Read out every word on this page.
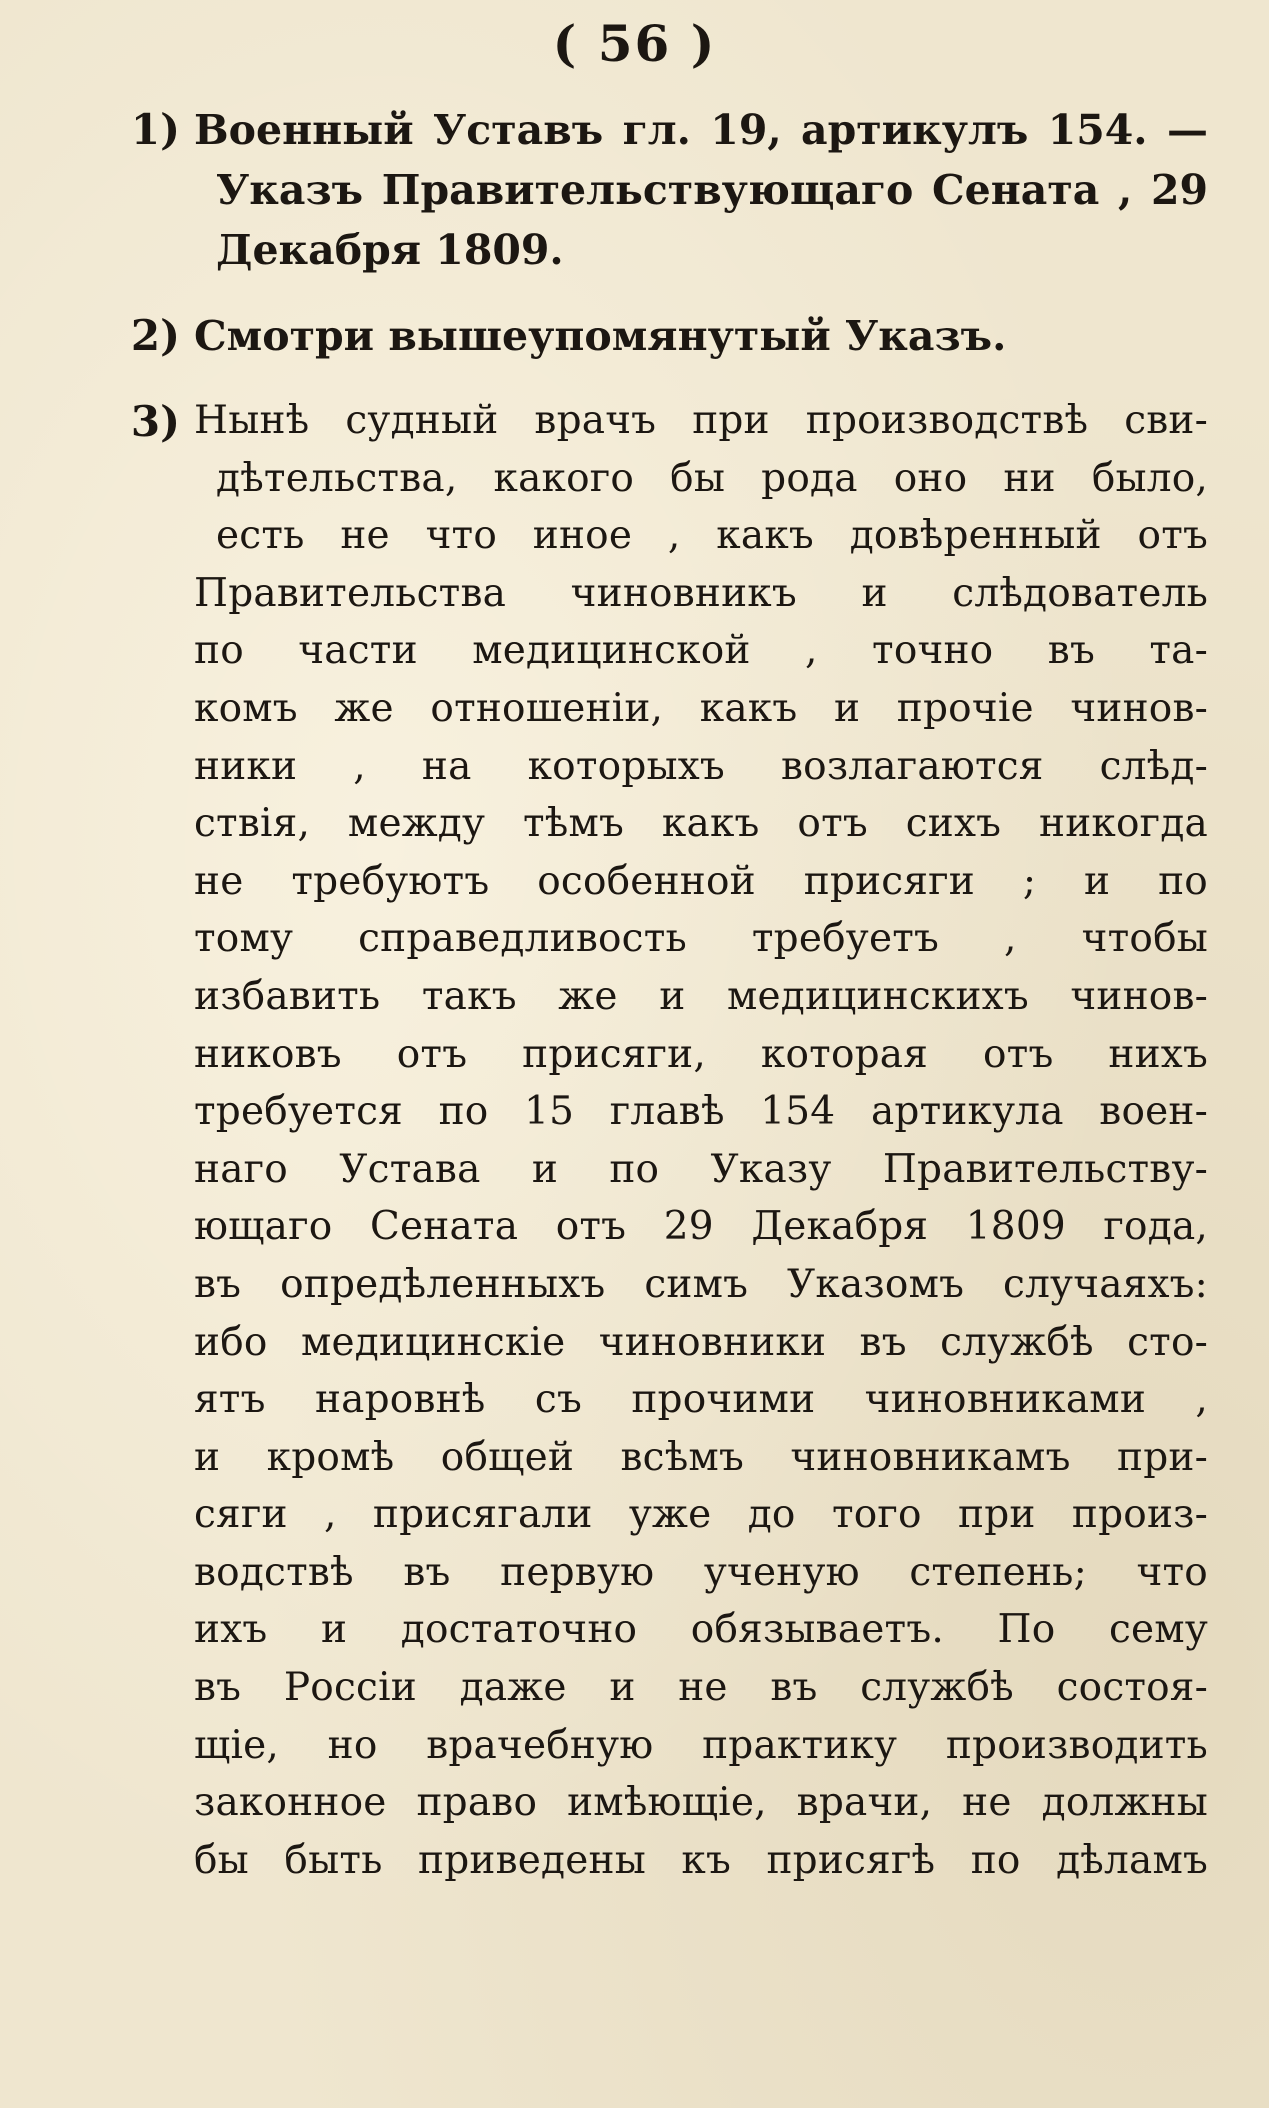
( 56 )
1) Военный Уставъ гл. 19, артикулъ 154. —
Указъ Правительствующаго Сената , 29
Декабря 1809.
2) Смотри вышеупомянутый Указъ.
3) Нынѣ судный врачъ при производствѣ сви-
дѣтельства, какого бы рода оно ни было,
есть не что иное , какъ довѣренный отъ
Правительства чиновникъ и слѣдователь
по части медицинской , точно въ та-
комъ же отношенiи, какъ и прочiе чинов-
ники , на которыхъ возлагаются слѣд-
ствiя, между тѣмъ какъ отъ сихъ никогда
не требуютъ особенной присяги ; и по
тому справедливость требуетъ , чтобы
избавить такъ же и медицинскихъ чинов-
никовъ отъ присяги, которая отъ нихъ
требуется по 15 главѣ 154 артикула воен-
наго Устава и по Указу Правительству-
ющаго Сената отъ 29 Декабря 1809 года,
въ опредѣленныхъ симъ Указомъ случаяхъ:
ибо медицинскiе чиновники въ службѣ сто-
ятъ наровнѣ съ прочими чиновниками ,
и кромѣ общей всѣмъ чиновникамъ при-
сяги , присягали уже до того при произ-
водствѣ въ первую ученую степень; что
ихъ и достаточно обязываетъ. По сему
въ Россiи даже и не въ службѣ состоя-
щiе, но врачебную практику производить
законное право имѣющiе, врачи, не должны
бы быть приведены къ присягѣ по дѣламъ
